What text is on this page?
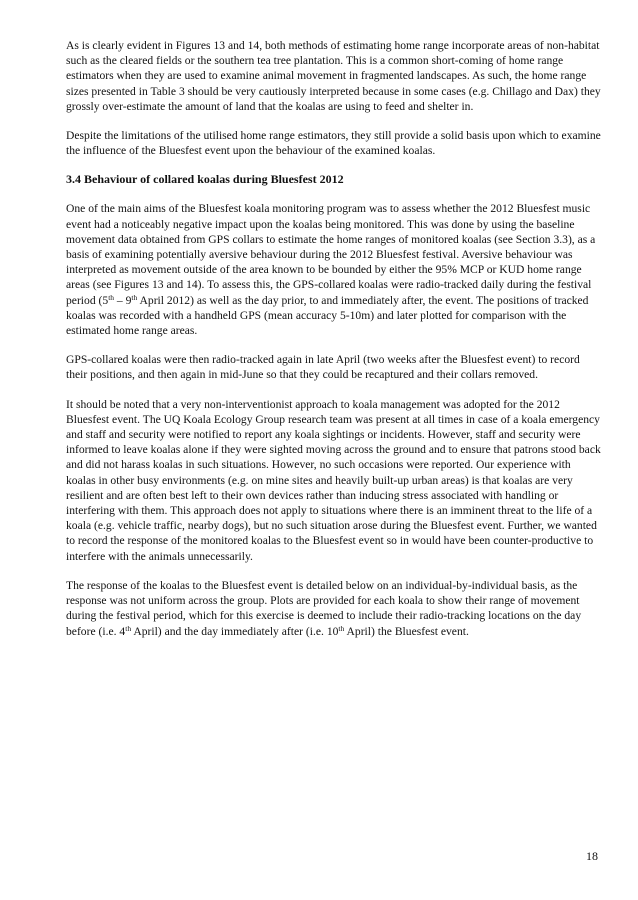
As is clearly evident in Figures 13 and 14, both methods of estimating home range incorporate areas of non-habitat such as the cleared fields or the southern tea tree plantation. This is a common short-coming of home range estimators when they are used to examine animal movement in fragmented landscapes. As such, the home range sizes presented in Table 3 should be very cautiously interpreted because in some cases (e.g. Chillago and Dax) they grossly over-estimate the amount of land that the koalas are using to feed and shelter in.

Despite the limitations of the utilised home range estimators, they still provide a solid basis upon which to examine the influence of the Bluesfest event upon the behaviour of the examined koalas.

3.4 Behaviour of collared koalas during Bluesfest 2012

One of the main aims of the Bluesfest koala monitoring program was to assess whether the 2012 Bluesfest music event had a noticeably negative impact upon the koalas being monitored. This was done by using the baseline movement data obtained from GPS collars to estimate the home ranges of monitored koalas (see Section 3.3), as a basis of examining potentially aversive behaviour during the 2012 Bluesfest festival. Aversive behaviour was interpreted as movement outside of the area known to be bounded by either the 95% MCP or KUD home range areas (see Figures 13 and 14). To assess this, the GPS-collared koalas were radio-tracked daily during the festival period (5th – 9th April 2012) as well as the day prior, to and immediately after, the event. The positions of tracked koalas was recorded with a handheld GPS (mean accuracy 5-10m) and later plotted for comparison with the estimated home range areas.

GPS-collared koalas were then radio-tracked again in late April (two weeks after the Bluesfest event) to record their positions, and then again in mid-June so that they could be recaptured and their collars removed.

It should be noted that a very non-interventionist approach to koala management was adopted for the 2012 Bluesfest event. The UQ Koala Ecology Group research team was present at all times in case of a koala emergency and staff and security were notified to report any koala sightings or incidents. However, staff and security were informed to leave koalas alone if they were sighted moving across the ground and to ensure that patrons stood back and did not harass koalas in such situations. However, no such occasions were reported. Our experience with koalas in other busy environments (e.g. on mine sites and heavily built-up urban areas) is that koalas are very resilient and are often best left to their own devices rather than inducing stress associated with handling or interfering with them. This approach does not apply to situations where there is an imminent threat to the life of a koala (e.g. vehicle traffic, nearby dogs), but no such situation arose during the Bluesfest event. Further, we wanted to record the response of the monitored koalas to the Bluesfest event so in would have been counter-productive to interfere with the animals unnecessarily.

The response of the koalas to the Bluesfest event is detailed below on an individual-by-individual basis, as the response was not uniform across the group. Plots are provided for each koala to show their range of movement during the festival period, which for this exercise is deemed to include their radio-tracking locations on the day before (i.e. 4th April) and the day immediately after (i.e. 10th April) the Bluesfest event.

18
